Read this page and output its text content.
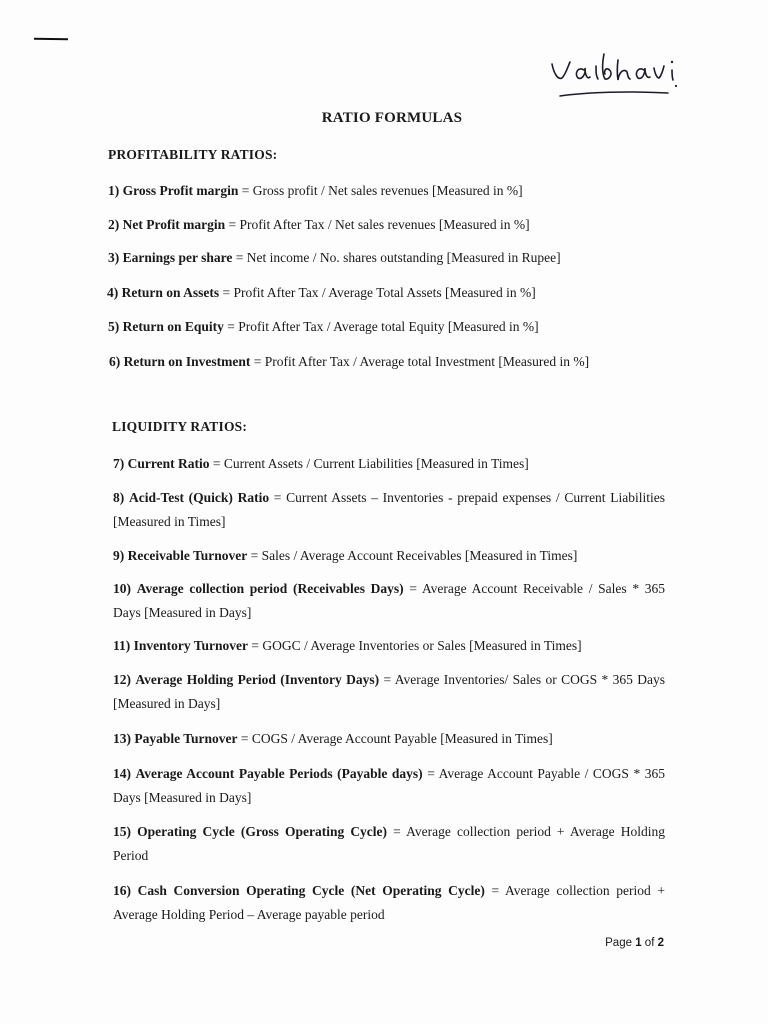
RATIO FORMULAS
PROFITABILITY RATIOS:
1) Gross Profit margin = Gross profit / Net sales revenues [Measured in %]
2) Net Profit margin = Profit After Tax / Net sales revenues [Measured in %]
3) Earnings per share = Net income / No. shares outstanding [Measured in Rupee]
4) Return on Assets = Profit After Tax / Average Total Assets [Measured in %]
5) Return on Equity = Profit After Tax / Average total Equity [Measured in %]
6) Return on Investment = Profit After Tax / Average total Investment [Measured in %]
LIQUIDITY RATIOS:
7) Current Ratio = Current Assets / Current Liabilities [Measured in Times]
8) Acid-Test (Quick) Ratio = Current Assets – Inventories - prepaid expenses / Current Liabilities [Measured in Times]
9) Receivable Turnover = Sales / Average Account Receivables [Measured in Times]
10) Average collection period (Receivables Days) = Average Account Receivable / Sales * 365 Days [Measured in Days]
11) Inventory Turnover = GOGC / Average Inventories or Sales [Measured in Times]
12) Average Holding Period (Inventory Days) = Average Inventories/ Sales or COGS * 365 Days [Measured in Days]
13) Payable Turnover = COGS / Average Account Payable [Measured in Times]
14) Average Account Payable Periods (Payable days) = Average Account Payable / COGS * 365 Days [Measured in Days]
15) Operating Cycle (Gross Operating Cycle) = Average collection period + Average Holding Period
16) Cash Conversion Operating Cycle (Net Operating Cycle) = Average collection period + Average Holding Period – Average payable period
Page 1 of 2
